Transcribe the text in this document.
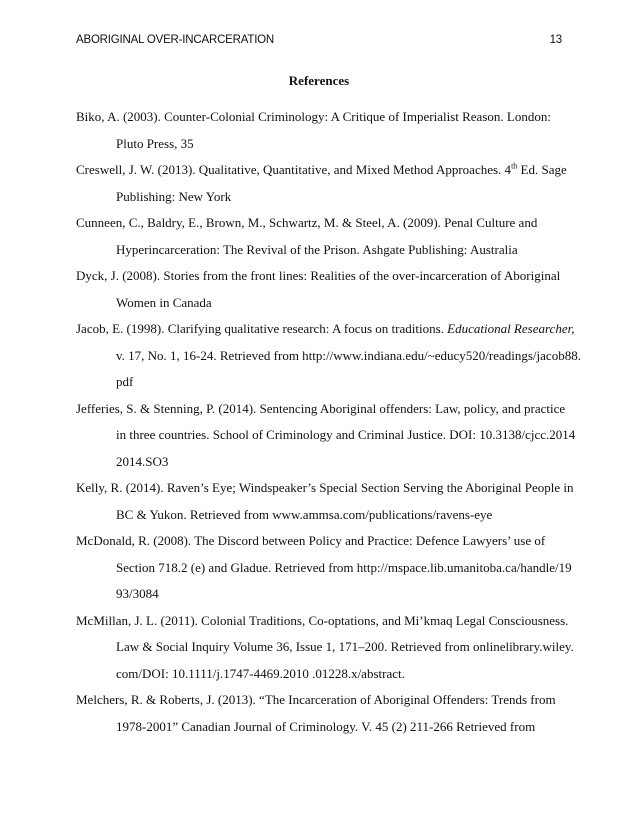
ABORIGINAL OVER-INCARCERATION	13
References
Biko, A. (2003). Counter-Colonial Criminology: A Critique of Imperialist Reason. London:
Pluto Press, 35
Creswell, J. W. (2013). Qualitative, Quantitative, and Mixed Method Approaches. 4th Ed. Sage
Publishing: New York
Cunneen, C., Baldry, E., Brown, M., Schwartz, M. & Steel, A. (2009). Penal Culture and
Hyperincarceration: The Revival of the Prison. Ashgate Publishing: Australia
Dyck, J. (2008). Stories from the front lines: Realities of the over-incarceration of Aboriginal
Women in Canada
Jacob, E. (1998). Clarifying qualitative research: A focus on traditions. Educational Researcher,
v. 17, No. 1, 16-24. Retrieved from http://www.indiana.edu/~educy520/readings/jacob88.
pdf
Jefferies, S. & Stenning, P. (2014). Sentencing Aboriginal offenders: Law, policy, and practice
in three countries. School of Criminology and Criminal Justice. DOI: 10.3138/cjcc.2014
2014.SO3
Kelly, R. (2014). Raven’s Eye; Windspeaker’s Special Section Serving the Aboriginal People in
BC & Yukon. Retrieved from www.ammsa.com/publications/ravens-eye
McDonald, R. (2008). The Discord between Policy and Practice: Defence Lawyers’ use of
Section 718.2 (e) and Gladue. Retrieved from http://mspace.lib.umanitoba.ca/handle/19
93/3084
McMillan, J. L. (2011). Colonial Traditions, Co-optations, and Mi’kmaq Legal Consciousness.
Law & Social Inquiry Volume 36, Issue 1, 171–200. Retrieved from onlinelibrary.wiley.
com/DOI: 10.1111/j.1747-4469.2010 .01228.x/abstract.
Melchers, R. & Roberts, J. (2013). “The Incarceration of Aboriginal Offenders: Trends from
1978-2001” Canadian Journal of Criminology. V. 45 (2) 211-266 Retrieved from
